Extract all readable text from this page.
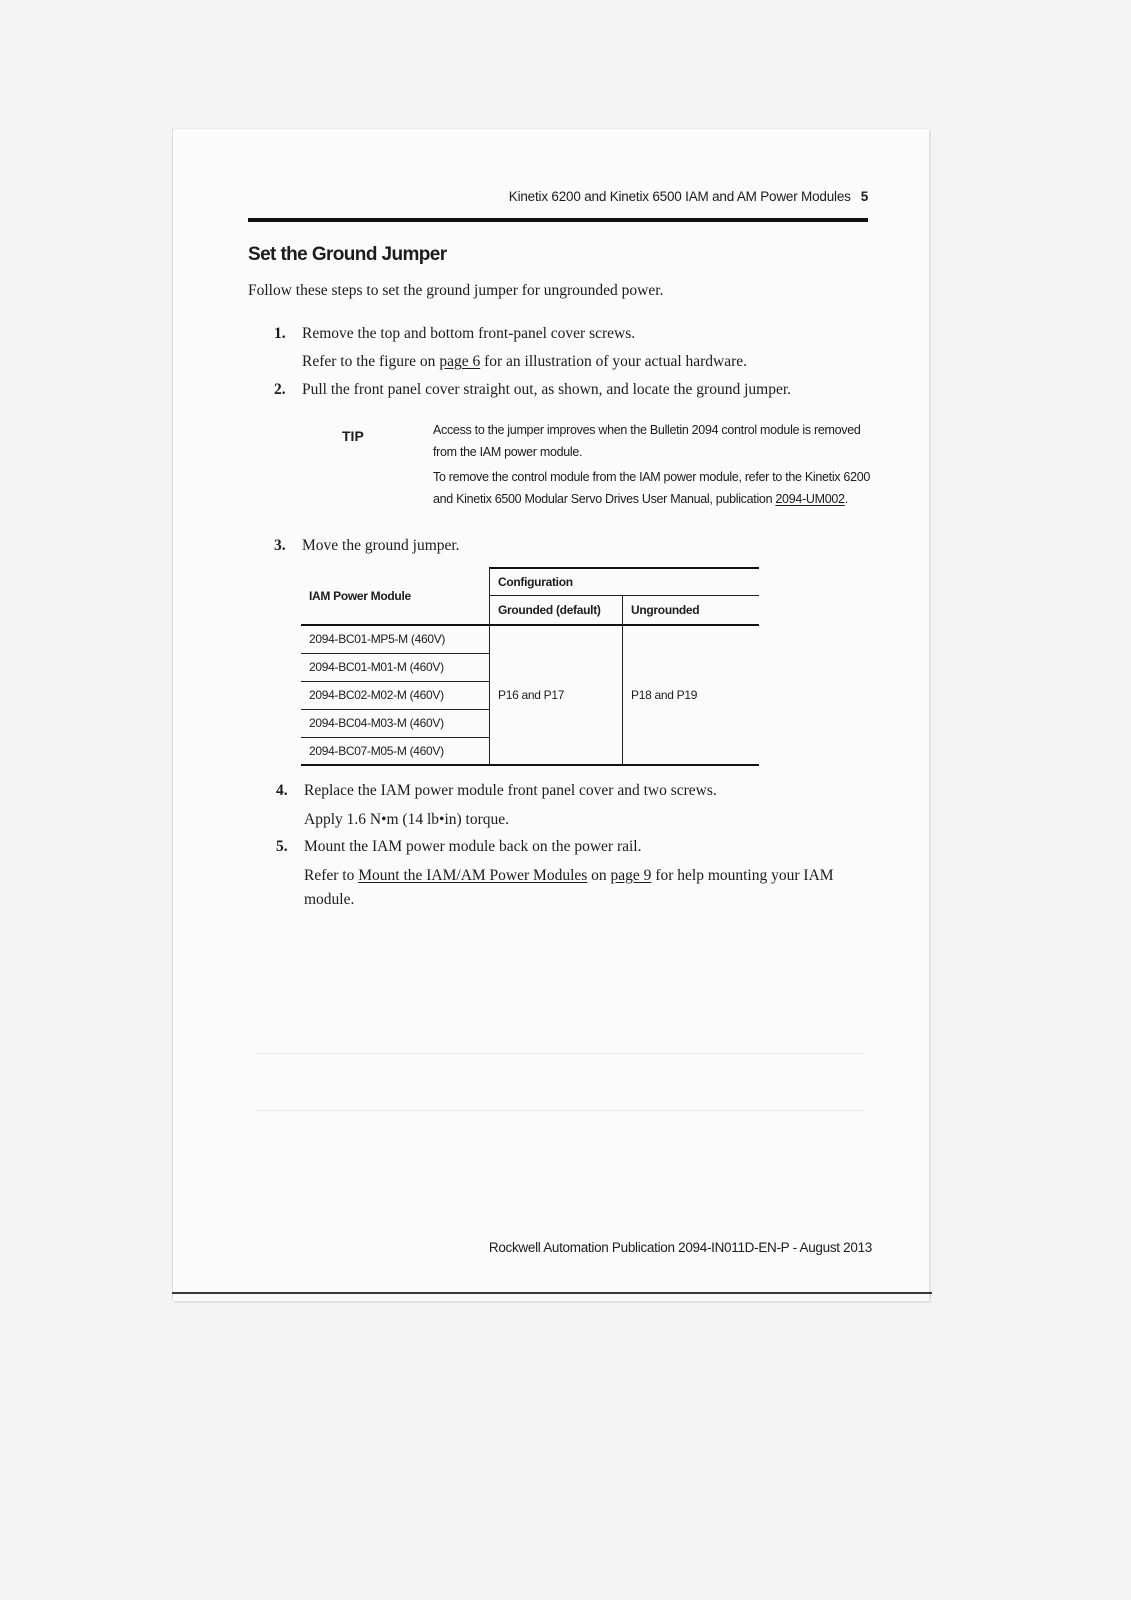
Kinetix 6200 and Kinetix 6500 IAM and AM Power Modules 5
Set the Ground Jumper
Follow these steps to set the ground jumper for ungrounded power.
1. Remove the top and bottom front-panel cover screws.
Refer to the figure on page 6 for an illustration of your actual hardware.
2. Pull the front panel cover straight out, as shown, and locate the ground jumper.
TIP	Access to the jumper improves when the Bulletin 2094 control module is removed
from the IAM power module.
To remove the control module from the IAM power module, refer to the Kinetix 6200
and Kinetix 6500 Modular Servo Drives User Manual, publication 2094-UM002.
3. Move the ground jumper.
IAM Power Module	Configuration	
	Grounded (default)	Ungrounded
2094-BC01-MP5-M (460V)	P16 and P17	P18 and P19
2094-BC01-M01-M (460V)		
2094-BC02-M02-M (460V)		
2094-BC04-M03-M (460V)		
2094-BC07-M05-M (460V)		
4. Replace the IAM power module front panel cover and two screws.
Apply 1.6 N•m (14 lb•in) torque.
5. Mount the IAM power module back on the power rail.
Refer to Mount the IAM/AM Power Modules on page 9 for help mounting your IAM
module.
Rockwell Automation Publication 2094-IN011D-EN-P - August 2013
